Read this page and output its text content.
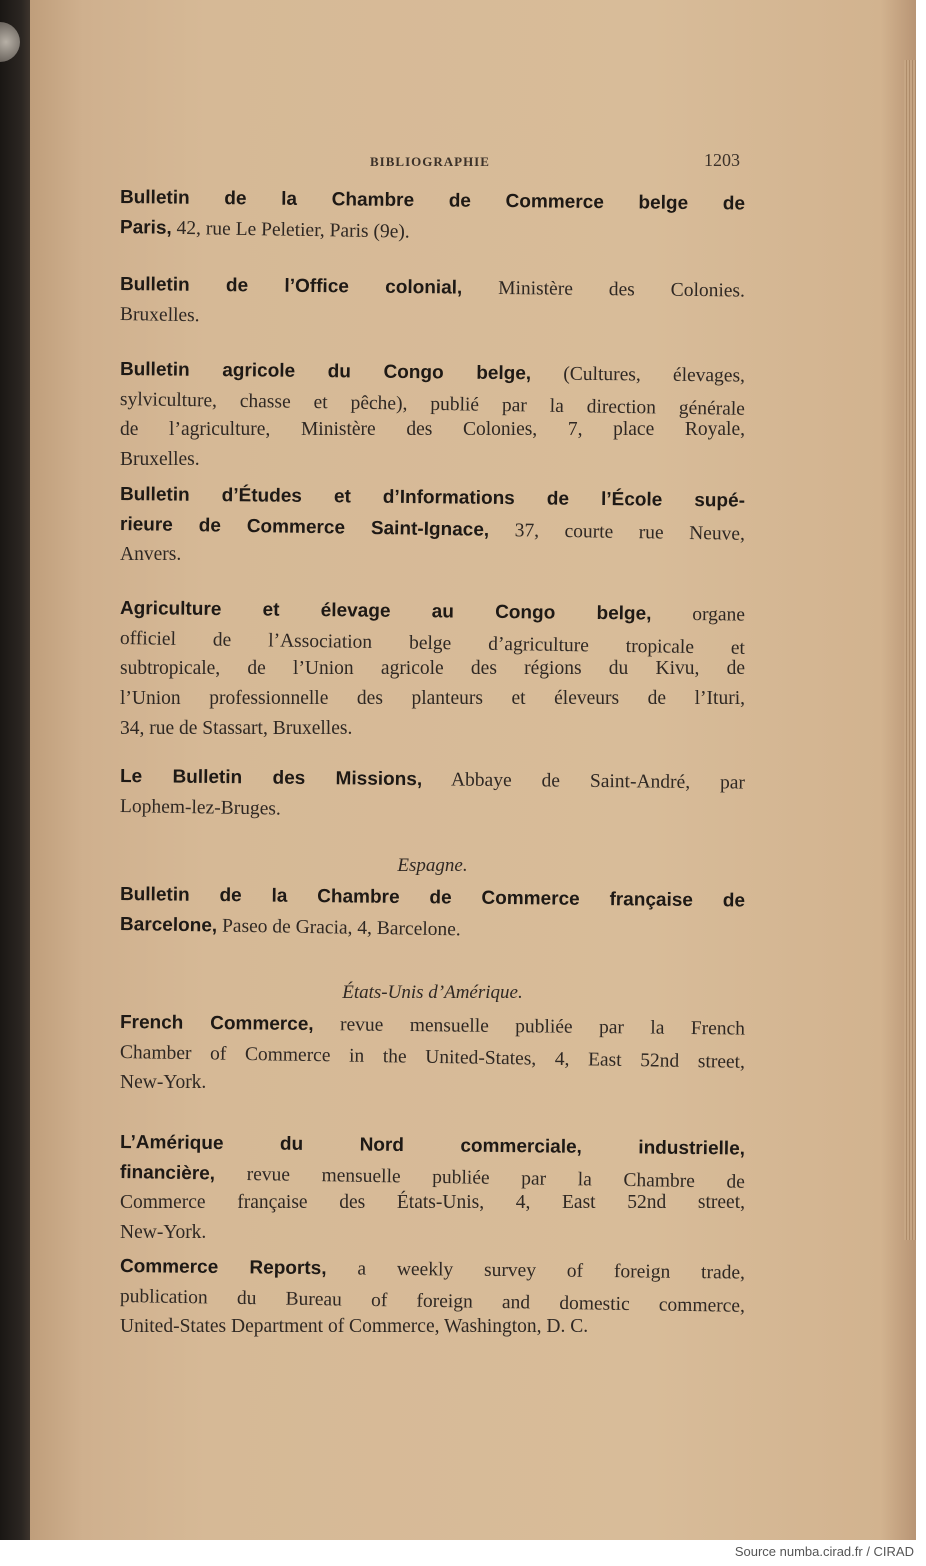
BIBLIOGRAPHIE	1203
Bulletin de la Chambre de Commerce belge de
Paris, 42, rue Le Peletier, Paris (9e).
Bulletin de l’Office colonial, Ministère des Colonies.
Bruxelles.
Bulletin agricole du Congo belge, (Cultures, élevages,
sylviculture, chasse et pêche), publié par la direction générale
de l’agriculture, Ministère des Colonies, 7, place Royale,
Bruxelles.
Bulletin d’Études et d’Informations de l’École supé-
rieure de Commerce Saint-Ignace, 37, courte rue Neuve,
Anvers.
Agriculture et élevage au Congo belge, organe
officiel de l’Association belge d’agriculture tropicale et
subtropicale, de l’Union agricole des régions du Kivu, de
l’Union professionnelle des planteurs et éleveurs de l’Ituri,
34, rue de Stassart, Bruxelles.
Le Bulletin des Missions, Abbaye de Saint-André, par
Lophem-lez-Bruges.
Espagne.
Bulletin de la Chambre de Commerce française de
Barcelone, Paseo de Gracia, 4, Barcelone.
États-Unis d’Amérique.
French Commerce, revue mensuelle publiée par la French
Chamber of Commerce in the United-States, 4, East 52nd street,
New-York.
L’Amérique du Nord commerciale, industrielle,
financière, revue mensuelle publiée par la Chambre de
Commerce française des États-Unis, 4, East 52nd street,
New-York.
Commerce Reports, a weekly survey of foreign trade,
publication du Bureau of foreign and domestic commerce,
United-States Department of Commerce, Washington, D. C.
Source numba.cirad.fr / CIRAD
